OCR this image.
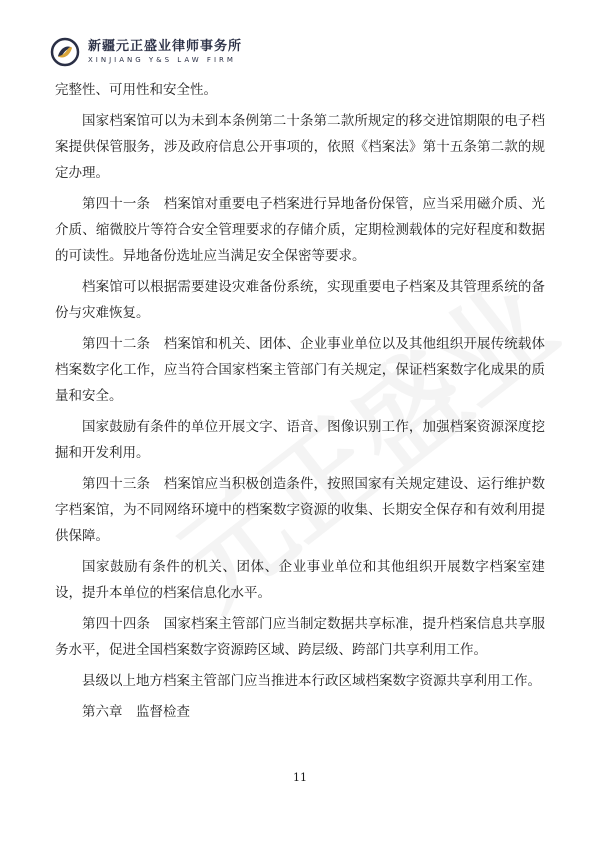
新疆元正盛业律师事务所
XINJIANG Y&S LAW FIRM

完整性、可用性和安全性。

国家档案馆可以为未到本条例第二十条第二款所规定的移交进馆期限的电子档案提供保管服务，涉及政府信息公开事项的，依照《档案法》第十五条第二款的规定办理。

第四十一条　档案馆对重要电子档案进行异地备份保管，应当采用磁介质、光介质、缩微胶片等符合安全管理要求的存储介质，定期检测载体的完好程度和数据的可读性。异地备份选址应当满足安全保密等要求。

档案馆可以根据需要建设灾难备份系统，实现重要电子档案及其管理系统的备份与灾难恢复。

第四十二条　档案馆和机关、团体、企业事业单位以及其他组织开展传统载体档案数字化工作，应当符合国家档案主管部门有关规定，保证档案数字化成果的质量和安全。

国家鼓励有条件的单位开展文字、语音、图像识别工作，加强档案资源深度挖掘和开发利用。

第四十三条　档案馆应当积极创造条件，按照国家有关规定建设、运行维护数字档案馆，为不同网络环境中的档案数字资源的收集、长期安全保存和有效利用提供保障。

国家鼓励有条件的机关、团体、企业事业单位和其他组织开展数字档案室建设，提升本单位的档案信息化水平。

第四十四条　国家档案主管部门应当制定数据共享标准，提升档案信息共享服务水平，促进全国档案数字资源跨区域、跨层级、跨部门共享利用工作。

县级以上地方档案主管部门应当推进本行政区域档案数字资源共享利用工作。

第六章　监督检查

11
